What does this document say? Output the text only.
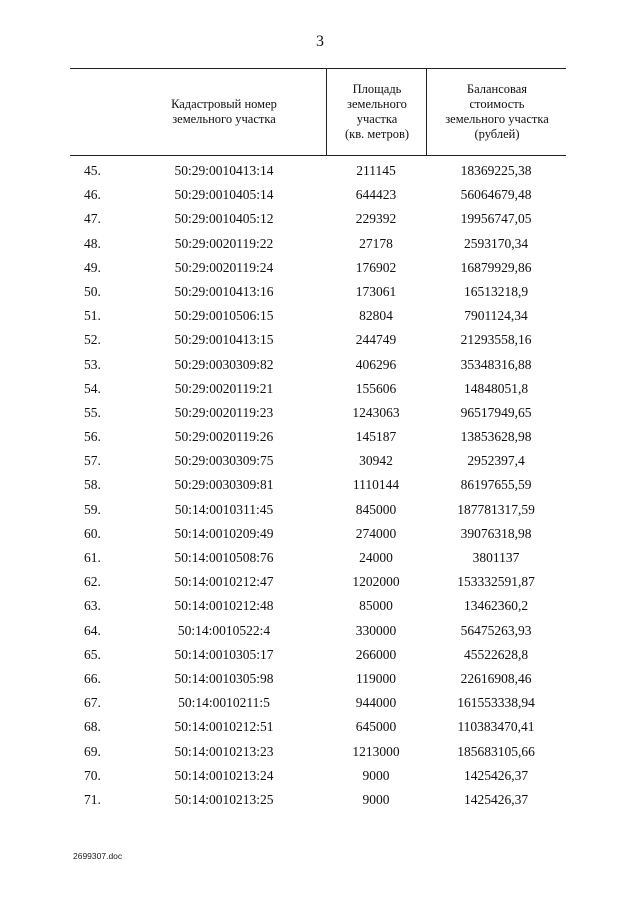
3
Кадастровый номер
земельного участка
Площадь
земельного
участка
(кв. метров)
Балансовая
стоимость
земельного участка
(рублей)
45.	50:29:0010413:14	211145	18369225,38
46.	50:29:0010405:14	644423	56064679,48
47.	50:29:0010405:12	229392	19956747,05
48.	50:29:0020119:22	27178	2593170,34
49.	50:29:0020119:24	176902	16879929,86
50.	50:29:0010413:16	173061	16513218,9
51.	50:29:0010506:15	82804	7901124,34
52.	50:29:0010413:15	244749	21293558,16
53.	50:29:0030309:82	406296	35348316,88
54.	50:29:0020119:21	155606	14848051,8
55.	50:29:0020119:23	1243063	96517949,65
56.	50:29:0020119:26	145187	13853628,98
57.	50:29:0030309:75	30942	2952397,4
58.	50:29:0030309:81	1110144	86197655,59
59.	50:14:0010311:45	845000	187781317,59
60.	50:14:0010209:49	274000	39076318,98
61.	50:14:0010508:76	24000	3801137
62.	50:14:0010212:47	1202000	153332591,87
63.	50:14:0010212:48	85000	13462360,2
64.	50:14:0010522:4	330000	56475263,93
65.	50:14:0010305:17	266000	45522628,8
66.	50:14:0010305:98	119000	22616908,46
67.	50:14:0010211:5	944000	161553338,94
68.	50:14:0010212:51	645000	110383470,41
69.	50:14:0010213:23	1213000	185683105,66
70.	50:14:0010213:24	9000	1425426,37
71.	50:14:0010213:25	9000	1425426,37
2699307.doc
